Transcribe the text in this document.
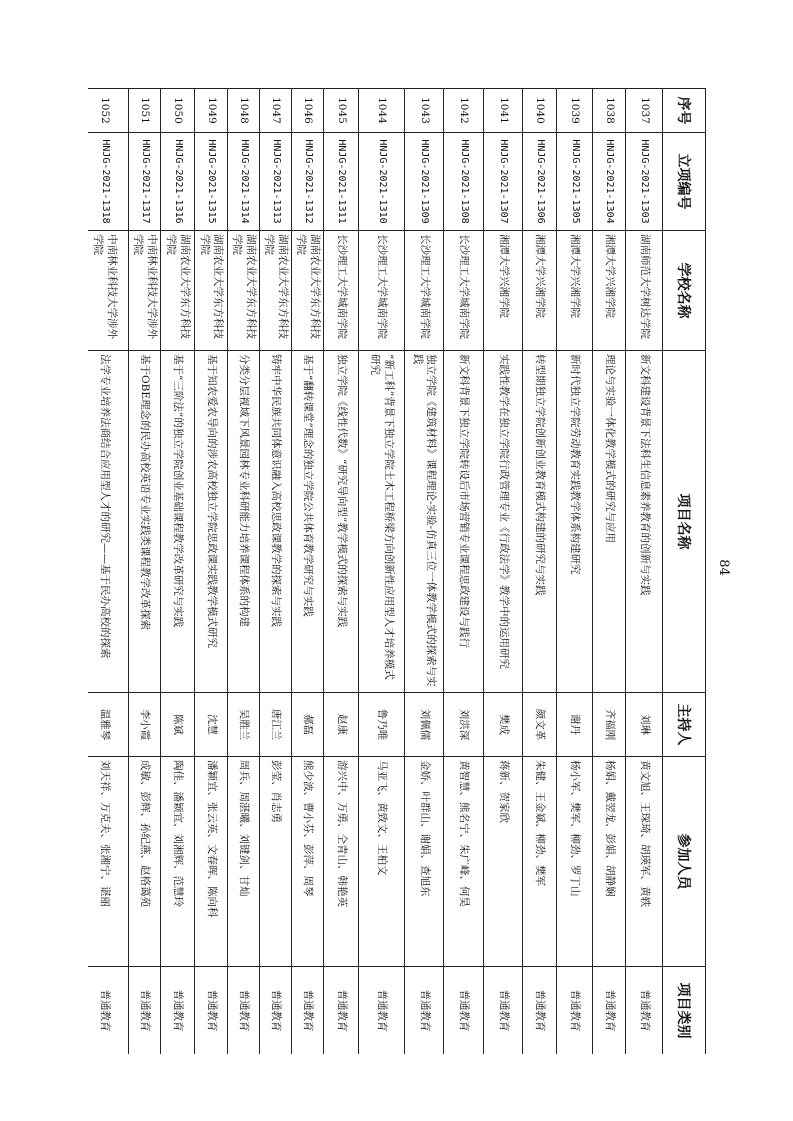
序号	立项编号	学校名称	项目名称	主持人	参加人员	项目类别
1037	HNJG-2021-1303	湖南师范大学树达学院	新文科建设背景下法科生信息素养教育的创新与实践	刘琳	黄文旭、王琛琦、胡瑛军、黄轶	普通教育
1038	HNJG-2021-1304	湘潭大学兴湘学院	理论与实验一体化教学模式的研究与应用	齐福刚	杨娟、戴翌龙、彭娟、胡静娴	普通教育
1039	HNJG-2021-1305	湘潭大学兴湘学院	新时代独立学院劳动教育实践教学体系构建研究	谢丹	杨小军、樊军、柳劲、罗丁山	普通教育
1040	HNJG-2021-1306	湘潭大学兴湘学院	转型期独立学院创新创业教育模式构建的研究与实践	颜文革	朱健、王金斌、柳劲、樊军	普通教育
1041	HNJG-2021-1307	湘潭大学兴湘学院	实践性教学在独立学院行政管理专业《行政法学》教学中的运用研究	樊成	蒋新、贺家欣	普通教育
1042	HNJG-2021-1308	长沙理工大学城南学院	新文科背景下独立学院转设后市场营销专业课程思政建设与践行	刘洪深	黄智慧、熊名宁、朱广峰、何昊	普通教育
1043	HNJG-2021-1309	长沙理工大学城南学院	独立学院《建筑材料》课程理论-实验-仿真三位一体教学模式的探索与实践	刘佩儒	金娇、叶群山、谢娟、查旭东	普通教育
1044	HNJG-2021-1310	长沙理工大学城南学院	“新工科”背景下独立学院土木工程桥梁方向创新性应用型人才培养模式研究	鲁乃唯	马亚飞、黄致文、王柏文	普通教育
1045	HNJG-2021-1311	长沙理工大学城南学院	独立学院《线性代数》“研究导向型”教学模式的探索与实践	赵康	游兴中、万勇、仝青山、韩艳英	普通教育
1046	HNJG-2021-1312	湖南农业大学东方科技学院	基于“翻转课堂”理念的独立学院公共体育教学研究与实践	郝磊	熊少波、曹小芬、彭萍、周琴	普通教育
1047	HNJG-2021-1313	湖南农业大学东方科技学院	铸牢中华民族共同体意识融入高校思政课教学的探索与实践	唐江兰	彭莹、肖志勇	普通教育
1048	HNJG-2021-1314	湖南农业大学东方科技学院	分类分层视域下风景园林专业科研能力培养课程体系的构建	吴胜兰	周兵、周湛曦、刘键剑、甘灿	普通教育
1049	HNJG-2021-1315	湖南农业大学东方科技学院	基于知农爱农导向的涉农高校独立学院思政课实践教学模式研究	沈慧	潘颖宜、张云英、文春晖、陈向科	普通教育
1050	HNJG-2021-1316	湖南农业大学东方科技学院	基于“三阶法”的独立学院创业基础课程教学改革研究与实践	陈斌	陶佳、潘颖宜、刘湘辉、范慧玲	普通教育
1051	HNJG-2021-1317	中南林业科技大学涉外学院	基于OBE理念的民办高校英语专业实践类课程教学改革探索	李小霞	成敏、彭辉、孙纪燕、赵格蔼苑	普通教育
1052	HNJG-2021-1318	中南林业科技大学涉外学院	法学专业培养法商结合应用型人才的研究——基于民办高校的探索	温雅琴	刘天祥、万克夫、张湘宁、谌丽	普通教育
84
